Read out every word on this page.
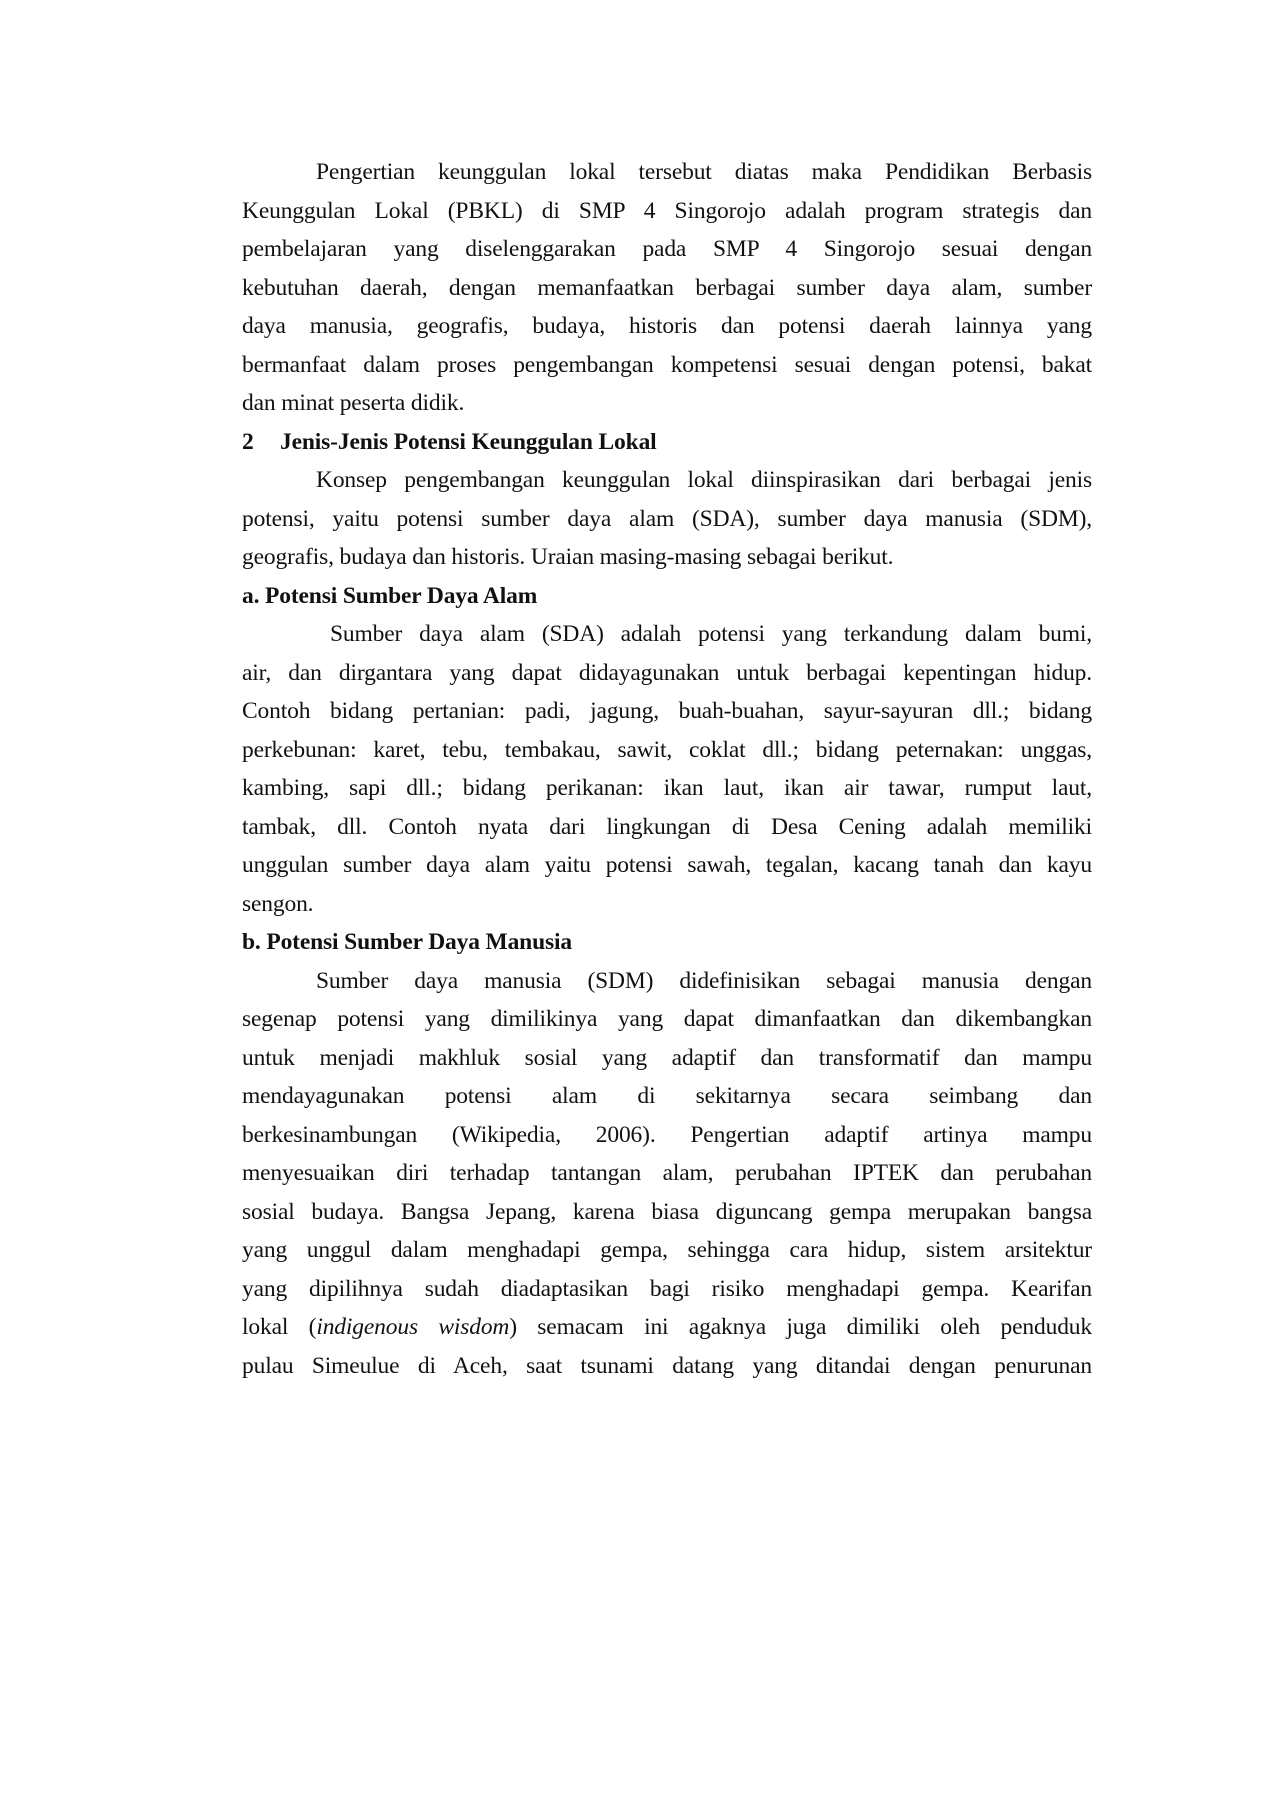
Pengertian keunggulan lokal tersebut diatas maka Pendidikan Berbasis
Keunggulan Lokal (PBKL) di SMP 4 Singorojo adalah program strategis dan
pembelajaran yang diselenggarakan pada SMP 4 Singorojo sesuai dengan
kebutuhan daerah, dengan memanfaatkan berbagai sumber daya alam, sumber
daya manusia, geografis, budaya, historis dan potensi daerah lainnya yang
bermanfaat dalam proses pengembangan kompetensi sesuai dengan potensi, bakat
dan minat peserta didik.
2 Jenis-Jenis Potensi Keunggulan Lokal
Konsep pengembangan keunggulan lokal diinspirasikan dari berbagai jenis
potensi, yaitu potensi sumber daya alam (SDA), sumber daya manusia (SDM),
geografis, budaya dan historis. Uraian masing-masing sebagai berikut.
a. Potensi Sumber Daya Alam
Sumber daya alam (SDA) adalah potensi yang terkandung dalam bumi,
air, dan dirgantara yang dapat didayagunakan untuk berbagai kepentingan hidup.
Contoh bidang pertanian: padi, jagung, buah-buahan, sayur-sayuran dll.; bidang
perkebunan: karet, tebu, tembakau, sawit, coklat dll.; bidang peternakan: unggas,
kambing, sapi dll.; bidang perikanan: ikan laut, ikan air tawar, rumput laut,
tambak, dll. Contoh nyata dari lingkungan di Desa Cening adalah memiliki
unggulan sumber daya alam yaitu potensi sawah, tegalan, kacang tanah dan kayu
sengon.
b. Potensi Sumber Daya Manusia
Sumber daya manusia (SDM) didefinisikan sebagai manusia dengan
segenap potensi yang dimilikinya yang dapat dimanfaatkan dan dikembangkan
untuk menjadi makhluk sosial yang adaptif dan transformatif dan mampu
mendayagunakan potensi alam di sekitarnya secara seimbang dan
berkesinambungan (Wikipedia, 2006). Pengertian adaptif artinya mampu
menyesuaikan diri terhadap tantangan alam, perubahan IPTEK dan perubahan
sosial budaya. Bangsa Jepang, karena biasa diguncang gempa merupakan bangsa
yang unggul dalam menghadapi gempa, sehingga cara hidup, sistem arsitektur
yang dipilihnya sudah diadaptasikan bagi risiko menghadapi gempa. Kearifan
lokal (indigenous wisdom) semacam ini agaknya juga dimiliki oleh penduduk
pulau Simeulue di Aceh, saat tsunami datang yang ditandai dengan penurunan
